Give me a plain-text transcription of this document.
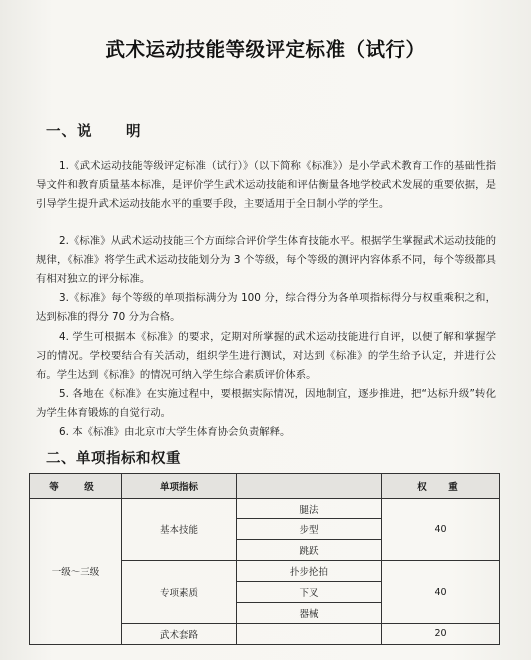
武术运动技能等级评定标准（试行）
一、说　明

1.《武术运动技能等级评定标准（试行）》（以下简称《标准》）是小学武术教育工作的基础性指导文件和教育质量基本标准，是评价学生武术运动技能和评估衡量各地学校武术发展的重要依据，是引导学生提升武术运动技能水平的重要手段，主要适用于全日制小学的学生。

2.《标准》从武术运动技能三个方面综合评价学生体育技能水平。根据学生掌握武术运动技能的规律，《标准》将学生武术运动技能划分为 3 个等级，每个等级的测评内容体系不同，每个等级都具有相对独立的评分标准。

3.《标准》每个等级的单项指标满分为 100 分，综合得分为各单项指标得分与权重乘积之和，达到标准的得分 70 分为合格。

4. 学生可根据本《标准》的要求，定期对所掌握的武术运动技能进行自评，以便了解和掌握学习的情况。学校要结合有关活动，组织学生进行测试，对达到《标准》的学生给予认定，并进行公布。学生达到《标准》的情况可纳入学生综合素质评价体系。

5. 各地在《标准》在实施过程中，要根据实际情况，因地制宜，逐步推进，把“达标升级”转化为学生体育锻炼的自觉行动。

6. 本《标准》由北京市大学生体育协会负责解释。

二、单项指标和权重
等　级	单项指标		权　重
一级～三级	基本技能	腿法	40
		步型	
		跳跃	
	专项素质	扑步抡拍	40
		下叉	
		器械	
	武术套路		20
